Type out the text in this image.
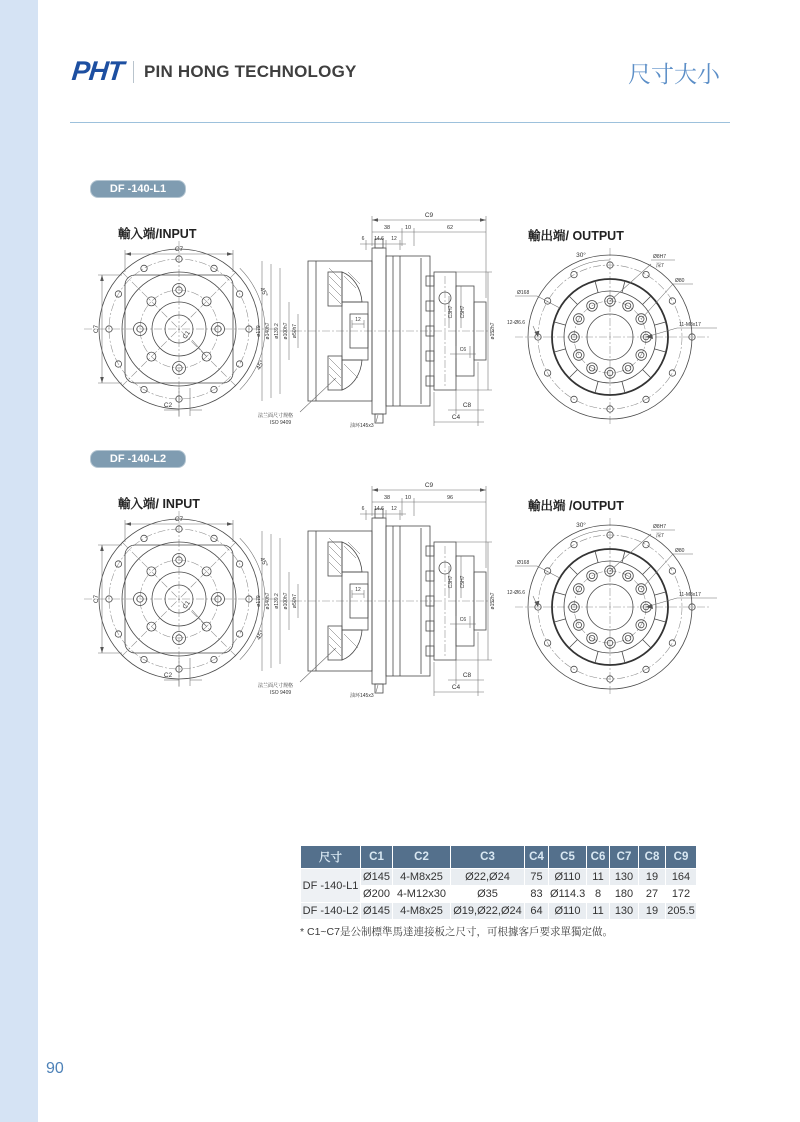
PHT PIN HONG TECHNOLOGY	尺寸大小
DF -140-L1
輸入端/INPUT	輸出端/ OUTPUT
C7
C7
C2
C1
45°
45°
12
C9
38	10	62
6 14.6 12
ø179 ø140h7 ø139.2 ø100h7 ø50h7
C3H7 C5H7
ø152h7
C6
C8
C4
法兰面尺寸规格
ISO 9409	油环145x3
30°	Ø8H7
深7
Ø80
Ø168
12-Ø6.6	11-M8x17
DF -140-L2
輸入端/ INPUT	輸出端 /OUTPUT
C7
C7
C2
C1
45°
45°
12
C9
38	10	96
6 14.6 12
ø179 ø140h7 ø139.2 ø100h7 ø50h7
C3H7 C5H7
ø152h7
C6
C8
C4
法兰面尺寸规格
ISO 9409	油环145x3
30°	Ø8H7
深7
Ø80
Ø168
12-Ø6.6	11-M8x17
尺寸	C1	C2	C3	C4	C5	C6	C7	C8	C9
DF -140-L1	Ø145	4-M8x25	Ø22,Ø24	75	Ø110	11	130	19	164
	Ø200	4-M12x30	Ø35	83	Ø114.3	8	180	27	172
DF -140-L2	Ø145	4-M8x25	Ø19,Ø22,Ø24	64	Ø110	11	130	19	205.5
* C1~C7是公制標準馬達連接板之尺寸，可根據客戶要求單獨定做。
90
